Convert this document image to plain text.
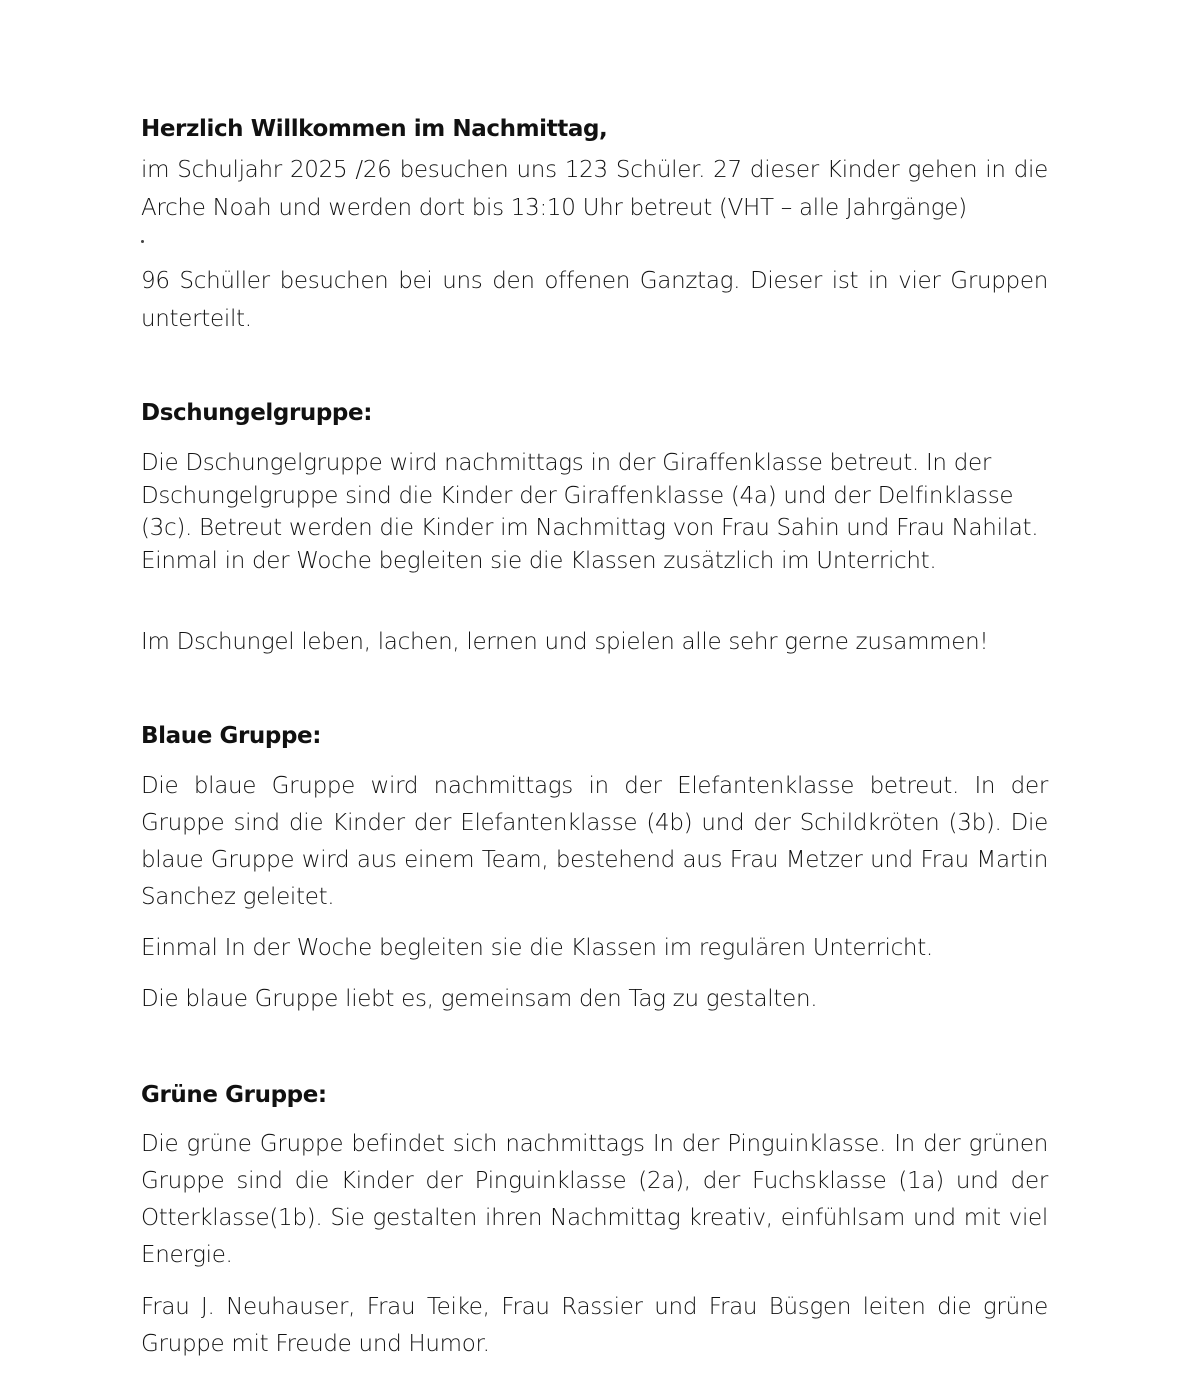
Herzlich Willkommen im Nachmittag,

im Schuljahr 2025 /26 besuchen uns 123 Schüler. 27 dieser Kinder gehen in die Arche Noah und werden dort bis 13:10 Uhr betreut (VHT – alle Jahrgänge)

96 Schüller besuchen bei uns den offenen Ganztag. Dieser ist in vier Gruppen unterteilt.

Dschungelgruppe:

Die Dschungelgruppe wird nachmittags in der Giraffenklasse betreut. In der Dschungelgruppe sind die Kinder der Giraffenklasse (4a) und der Delfinklasse (3c). Betreut werden die Kinder im Nachmittag von Frau Sahin und Frau Nahilat. Einmal in der Woche begleiten sie die Klassen zusätzlich im Unterricht.

Im Dschungel leben, lachen, lernen und spielen alle sehr gerne zusammen!

Blaue Gruppe:

Die blaue Gruppe wird nachmittags in der Elefantenklasse betreut. In der Gruppe sind die Kinder der Elefantenklasse (4b) und der Schildkröten (3b). Die blaue Gruppe wird aus einem Team, bestehend aus Frau Metzer und Frau Martin Sanchez geleitet.

Einmal In der Woche begleiten sie die Klassen im regulären Unterricht.

Die blaue Gruppe liebt es, gemeinsam den Tag zu gestalten.

Grüne Gruppe:

Die grüne Gruppe befindet sich nachmittags In der Pinguinklasse. In der grünen Gruppe sind die Kinder der Pinguinklasse (2a), der Fuchsklasse (1a) und der Otterklasse(1b). Sie gestalten ihren Nachmittag kreativ, einfühlsam und mit viel Energie.

Frau J. Neuhauser, Frau Teike, Frau Rassier und Frau Büsgen leiten die grüne Gruppe mit Freude und Humor.
